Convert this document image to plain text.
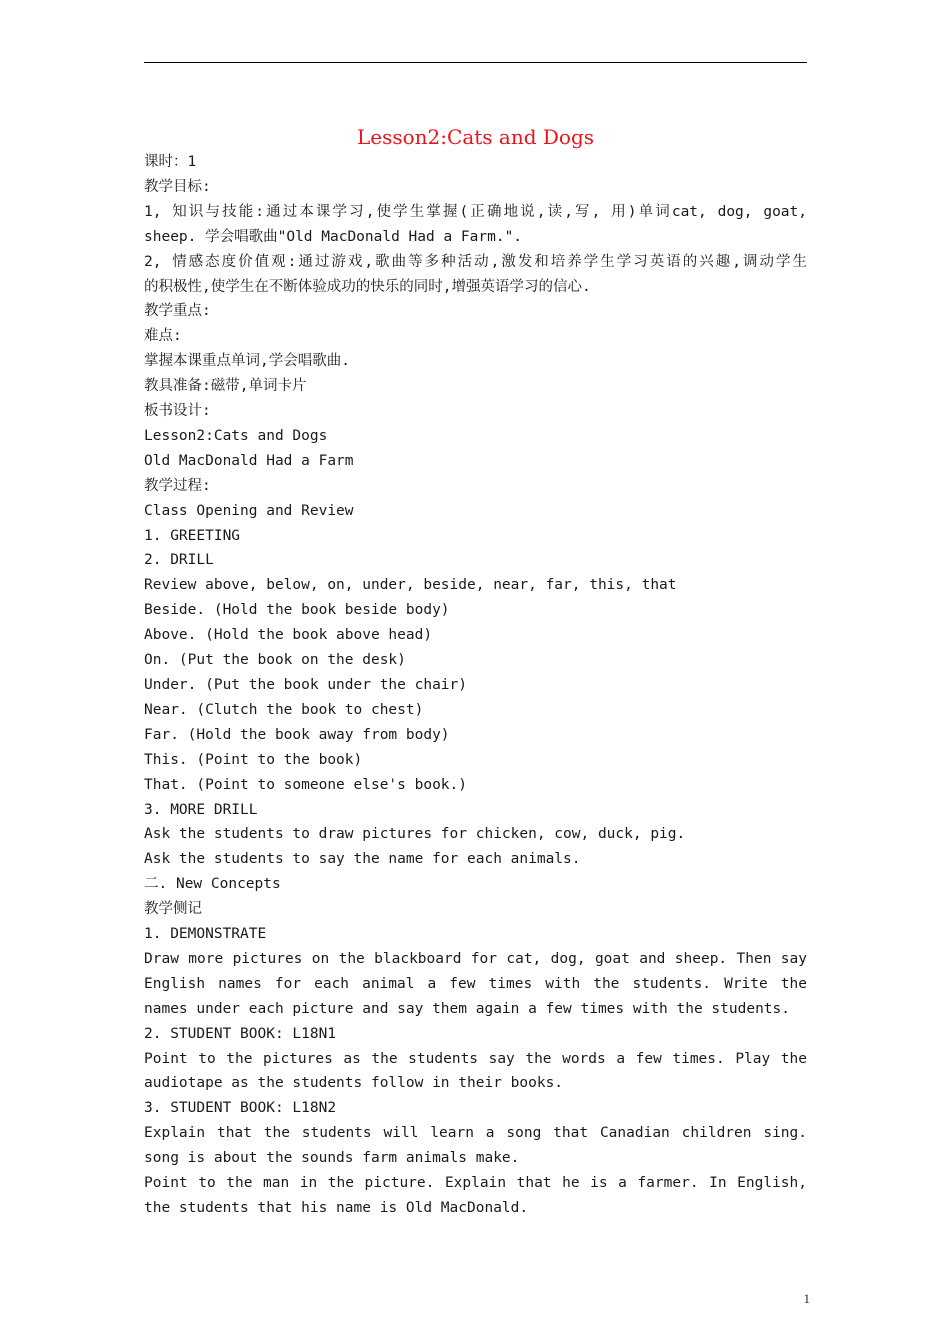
Lesson2:Cats and Dogs
课时：1
教学目标:
1, 知识与技能:通过本课学习,使学生掌握(正确地说,读,写, 用)单词cat, dog, goat,
sheep. 学会唱歌曲"Old MacDonald Had a Farm.".
2, 情感态度价值观:通过游戏,歌曲等多种活动,激发和培养学生学习英语的兴趣,调动学生
的积极性,使学生在不断体验成功的快乐的同时,增强英语学习的信心.
教学重点:
难点:
掌握本课重点单词,学会唱歌曲.
教具准备:磁带,单词卡片
板书设计:
Lesson2:Cats and Dogs
Old MacDonald Had a Farm
教学过程:
Class Opening and Review
1. GREETING
2. DRILL
Review above, below, on, under, beside, near, far, this, that
Beside. (Hold the book beside body)
Above. (Hold the book above head)
On. (Put the book on the desk)
Under. (Put the book under the chair)
Near. (Clutch the book to chest)
Far. (Hold the book away from body)
This. (Point to the book)
That. (Point to someone else's book.)
3. MORE DRILL
Ask the students to draw pictures for chicken, cow, duck, pig.
Ask the students to say the name for each animals.
二. New Concepts
教学侧记
1. DEMONSTRATE
Draw more pictures on the blackboard for cat, dog, goat and sheep. Then say
English names for each animal a few times with the students. Write the
names under each picture and say them again a few times with the students.
2. STUDENT BOOK: L18N1
Point to the pictures as the students say the words a few times. Play the
audiotape as the students follow in their books.
3. STUDENT BOOK: L18N2
Explain that the students will learn a song that Canadian children sing.
song is about the sounds farm animals make.
Point to the man in the picture. Explain that he is a farmer. In English,
the students that his name is Old MacDonald.
1
